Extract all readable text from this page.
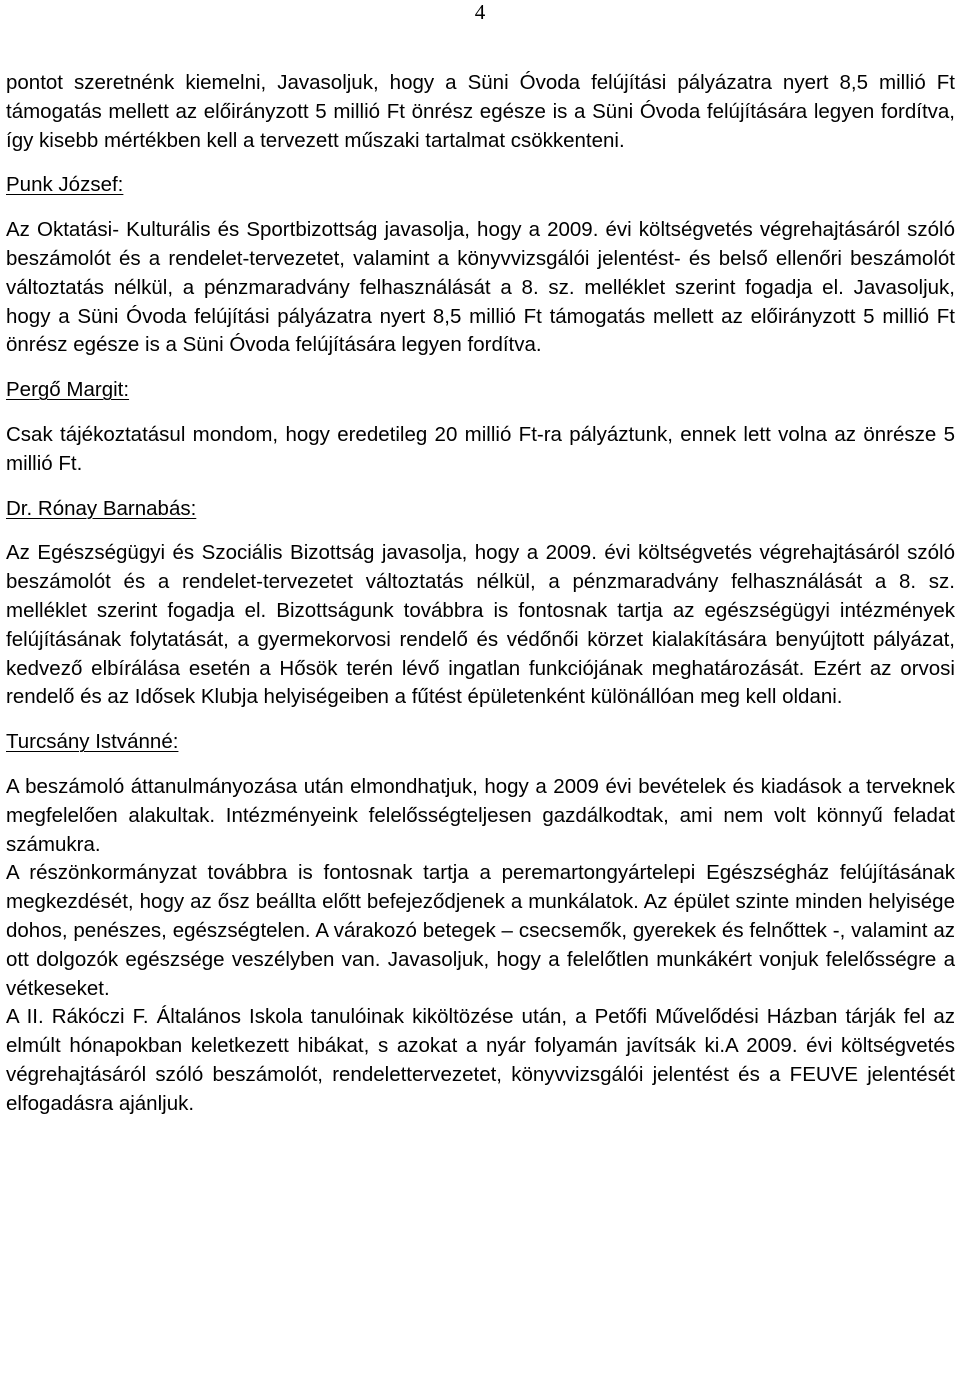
4

pontot szeretnénk kiemelni, Javasoljuk, hogy a Süni Óvoda felújítási pályázatra nyert 8,5 millió Ft támogatás mellett az előirányzott 5 millió Ft önrész egésze is a Süni Óvoda felújítására legyen fordítva, így kisebb mértékben kell a tervezett műszaki tartalmat csökkenteni.

Punk József:

Az Oktatási- Kulturális és Sportbizottság javasolja, hogy a 2009. évi költségvetés végrehajtásáról szóló beszámolót és a rendelet-tervezetet, valamint a könyvvizsgálói jelentést- és belső ellenőri beszámolót változtatás nélkül, a pénzmaradvány felhasználását a 8. sz. melléklet szerint fogadja el. Javasoljuk, hogy a Süni Óvoda felújítási pályázatra nyert 8,5 millió Ft támogatás mellett az előirányzott 5 millió Ft önrész egésze is a Süni Óvoda felújítására legyen fordítva.

Pergő Margit:

Csak tájékoztatásul mondom, hogy eredetileg 20 millió Ft-ra pályáztunk, ennek lett volna az önrésze 5 millió Ft.

Dr. Rónay Barnabás:

Az Egészségügyi és Szociális Bizottság javasolja, hogy a 2009. évi költségvetés végrehajtásáról szóló beszámolót és a rendelet-tervezetet változtatás nélkül, a pénzmaradvány felhasználását a 8. sz. melléklet szerint fogadja el. Bizottságunk továbbra is fontosnak tartja az egészségügyi intézmények felújításának folytatását, a gyermekorvosi rendelő és védőnői körzet kialakítására benyújtott pályázat, kedvező elbírálása esetén a Hősök terén lévő ingatlan funkciójának meghatározását. Ezért az orvosi rendelő és az Idősek Klubja helyiségeiben a fűtést épületenként különállóan meg kell oldani.

Turcsány Istvánné:

A beszámoló áttanulmányozása után elmondhatjuk, hogy a 2009 évi bevételek és kiadások a terveknek megfelelően alakultak. Intézményeink felelősségteljesen gazdálkodtak, ami nem volt könnyű feladat számukra.

A részönkormányzat továbbra is fontosnak tartja a peremartongyártelepi Egészségház felújításának megkezdését, hogy az ősz beállta előtt befejeződjenek a munkálatok. Az épület szinte minden helyisége dohos, penészes, egészségtelen. A várakozó betegek – csecsemők, gyerekek és felnőttek -, valamint az ott dolgozók egészsége veszélyben van. Javasoljuk, hogy a felelőtlen munkákért vonjuk felelősségre a vétkeseket.

A II. Rákóczi F. Általános Iskola tanulóinak kiköltözése után, a Petőfi Művelődési Házban tárják fel az elmúlt hónapokban keletkezett hibákat, s azokat a nyár folyamán javítsák ki.A 2009. évi költségvetés végrehajtásáról szóló beszámolót, rendelettervezetet, könyvvizsgálói jelentést és a FEUVE jelentését elfogadásra ajánljuk.
